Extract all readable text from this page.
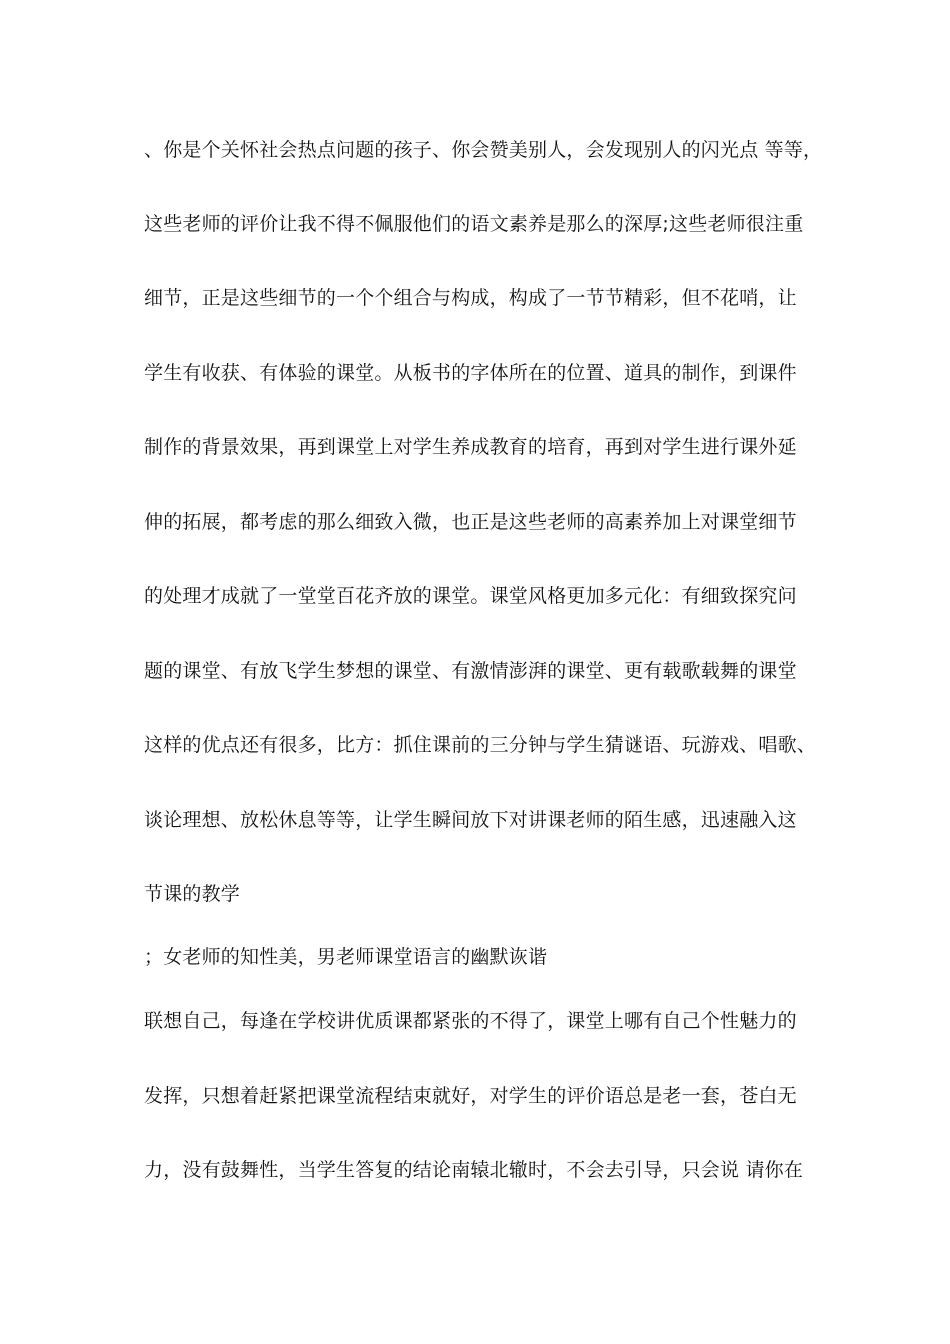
、你是个关怀社会热点问题的孩子、你会赞美别人，会发现别人的闪光点 等等，
这些老师的评价让我不得不佩服他们的语文素养是那么的深厚;这些老师很注重
细节，正是这些细节的一个个组合与构成，构成了一节节精彩，但不花哨，让
学生有收获、有体验的课堂。从板书的字体所在的位置、道具的制作，到课件
制作的背景效果，再到课堂上对学生养成教育的培育，再到对学生进行课外延
伸的拓展，都考虑的那么细致入微，也正是这些老师的高素养加上对课堂细节
的处理才成就了一堂堂百花齐放的课堂。课堂风格更加多元化：有细致探究问
题的课堂、有放飞学生梦想的课堂、有激情澎湃的课堂、更有载歌载舞的课堂
这样的优点还有很多，比方：抓住课前的三分钟与学生猜谜语、玩游戏、唱歌、
谈论理想、放松休息等等，让学生瞬间放下对讲课老师的陌生感，迅速融入这
节课的教学
；女老师的知性美，男老师课堂语言的幽默诙谐
联想自己，每逢在学校讲优质课都紧张的不得了，课堂上哪有自己个性魅力的
发挥，只想着赶紧把课堂流程结束就好，对学生的评价语总是老一套，苍白无
力，没有鼓舞性，当学生答复的结论南辕北辙时，不会去引导，只会说 请你在
